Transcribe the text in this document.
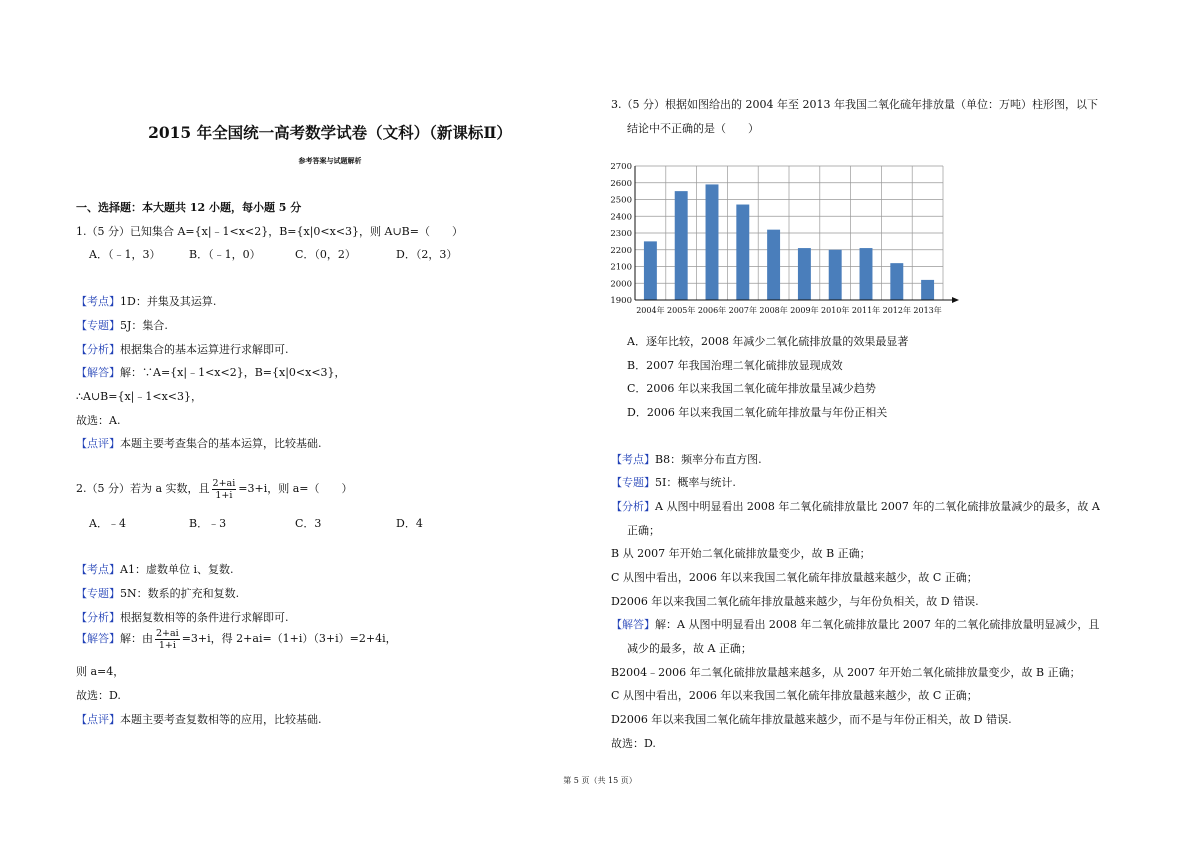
2015 年全国统一高考数学试卷（文科）（新课标Ⅱ）
参考答案与试题解析
一、选择题：本大题共 12 小题，每小题 5 分
1.（5 分）已知集合 A={x|﹣1<x<2}，B={x|0<x<3}，则 A∪B=（　　）
A．（﹣1，3）	B．（﹣1，0）	C．（0，2）	D．（2，3）
【考点】1D：并集及其运算.
【专题】5J：集合.
【分析】根据集合的基本运算进行求解即可.
【解答】解：∵A={x|﹣1<x<2}，B={x|0<x<3}，
∴A∪B={x|﹣1<x<3}，
故选：A.
【点评】本题主要考查集合的基本运算，比较基础.
2.（5 分）若为 a 实数，且 $\frac{2+ai}{1+i} =3+i$，则 a=（　　）
A．﹣4	B．﹣3	C．3	D．4
【考点】A1：虚数单位 i、复数.
【专题】5N：数系的扩充和复数.
【分析】根据复数相等的条件进行求解即可.
【解答】解：由 $\frac{2+ai}{1+i} =3+i$，得 2+ai=（1+i）（3+i）=2+4i，
则 a=4，
故选：D.
【点评】本题主要考查复数相等的应用，比较基础.
3.（5 分）根据如图给出的 2004 年至 2013 年我国二氧化硫年排放量（单位：万吨）柱形图，以下
结论中不正确的是（　　）
1900
2000
2100
2200
2300
2400
2500
2600
2700
2004年 2005年 2006年 2007年 2008年 2009年 2010年 2011年 2012年 2013年
A．逐年比较，2008 年减少二氧化硫排放量的效果最显著
B．2007 年我国治理二氧化硫排放显现成效
C．2006 年以来我国二氧化硫年排放量呈减少趋势
D．2006 年以来我国二氧化硫年排放量与年份正相关
【考点】B8：频率分布直方图.
【专题】5I：概率与统计.
【分析】A 从图中明显看出 2008 年二氧化硫排放量比 2007 年的二氧化硫排放量减少的最多，故 A
正确；
B 从 2007 年开始二氧化硫排放量变少，故 B 正确；
C 从图中看出，2006 年以来我国二氧化硫年排放量越来越少，故 C 正确；
D2006 年以来我国二氧化硫年排放量越来越少，与年份负相关，故 D 错误.
【解答】解：A 从图中明显看出 2008 年二氧化硫排放量比 2007 年的二氧化硫排放量明显减少，且
减少的最多，故 A 正确；
B2004﹣2006 年二氧化硫排放量越来越多，从 2007 年开始二氧化硫排放量变少，故 B 正确；
C 从图中看出，2006 年以来我国二氧化硫年排放量越来越少，故 C 正确；
D2006 年以来我国二氧化硫年排放量越来越少，而不是与年份正相关，故 D 错误.
故选：D.
第 5 页（共 15 页）
